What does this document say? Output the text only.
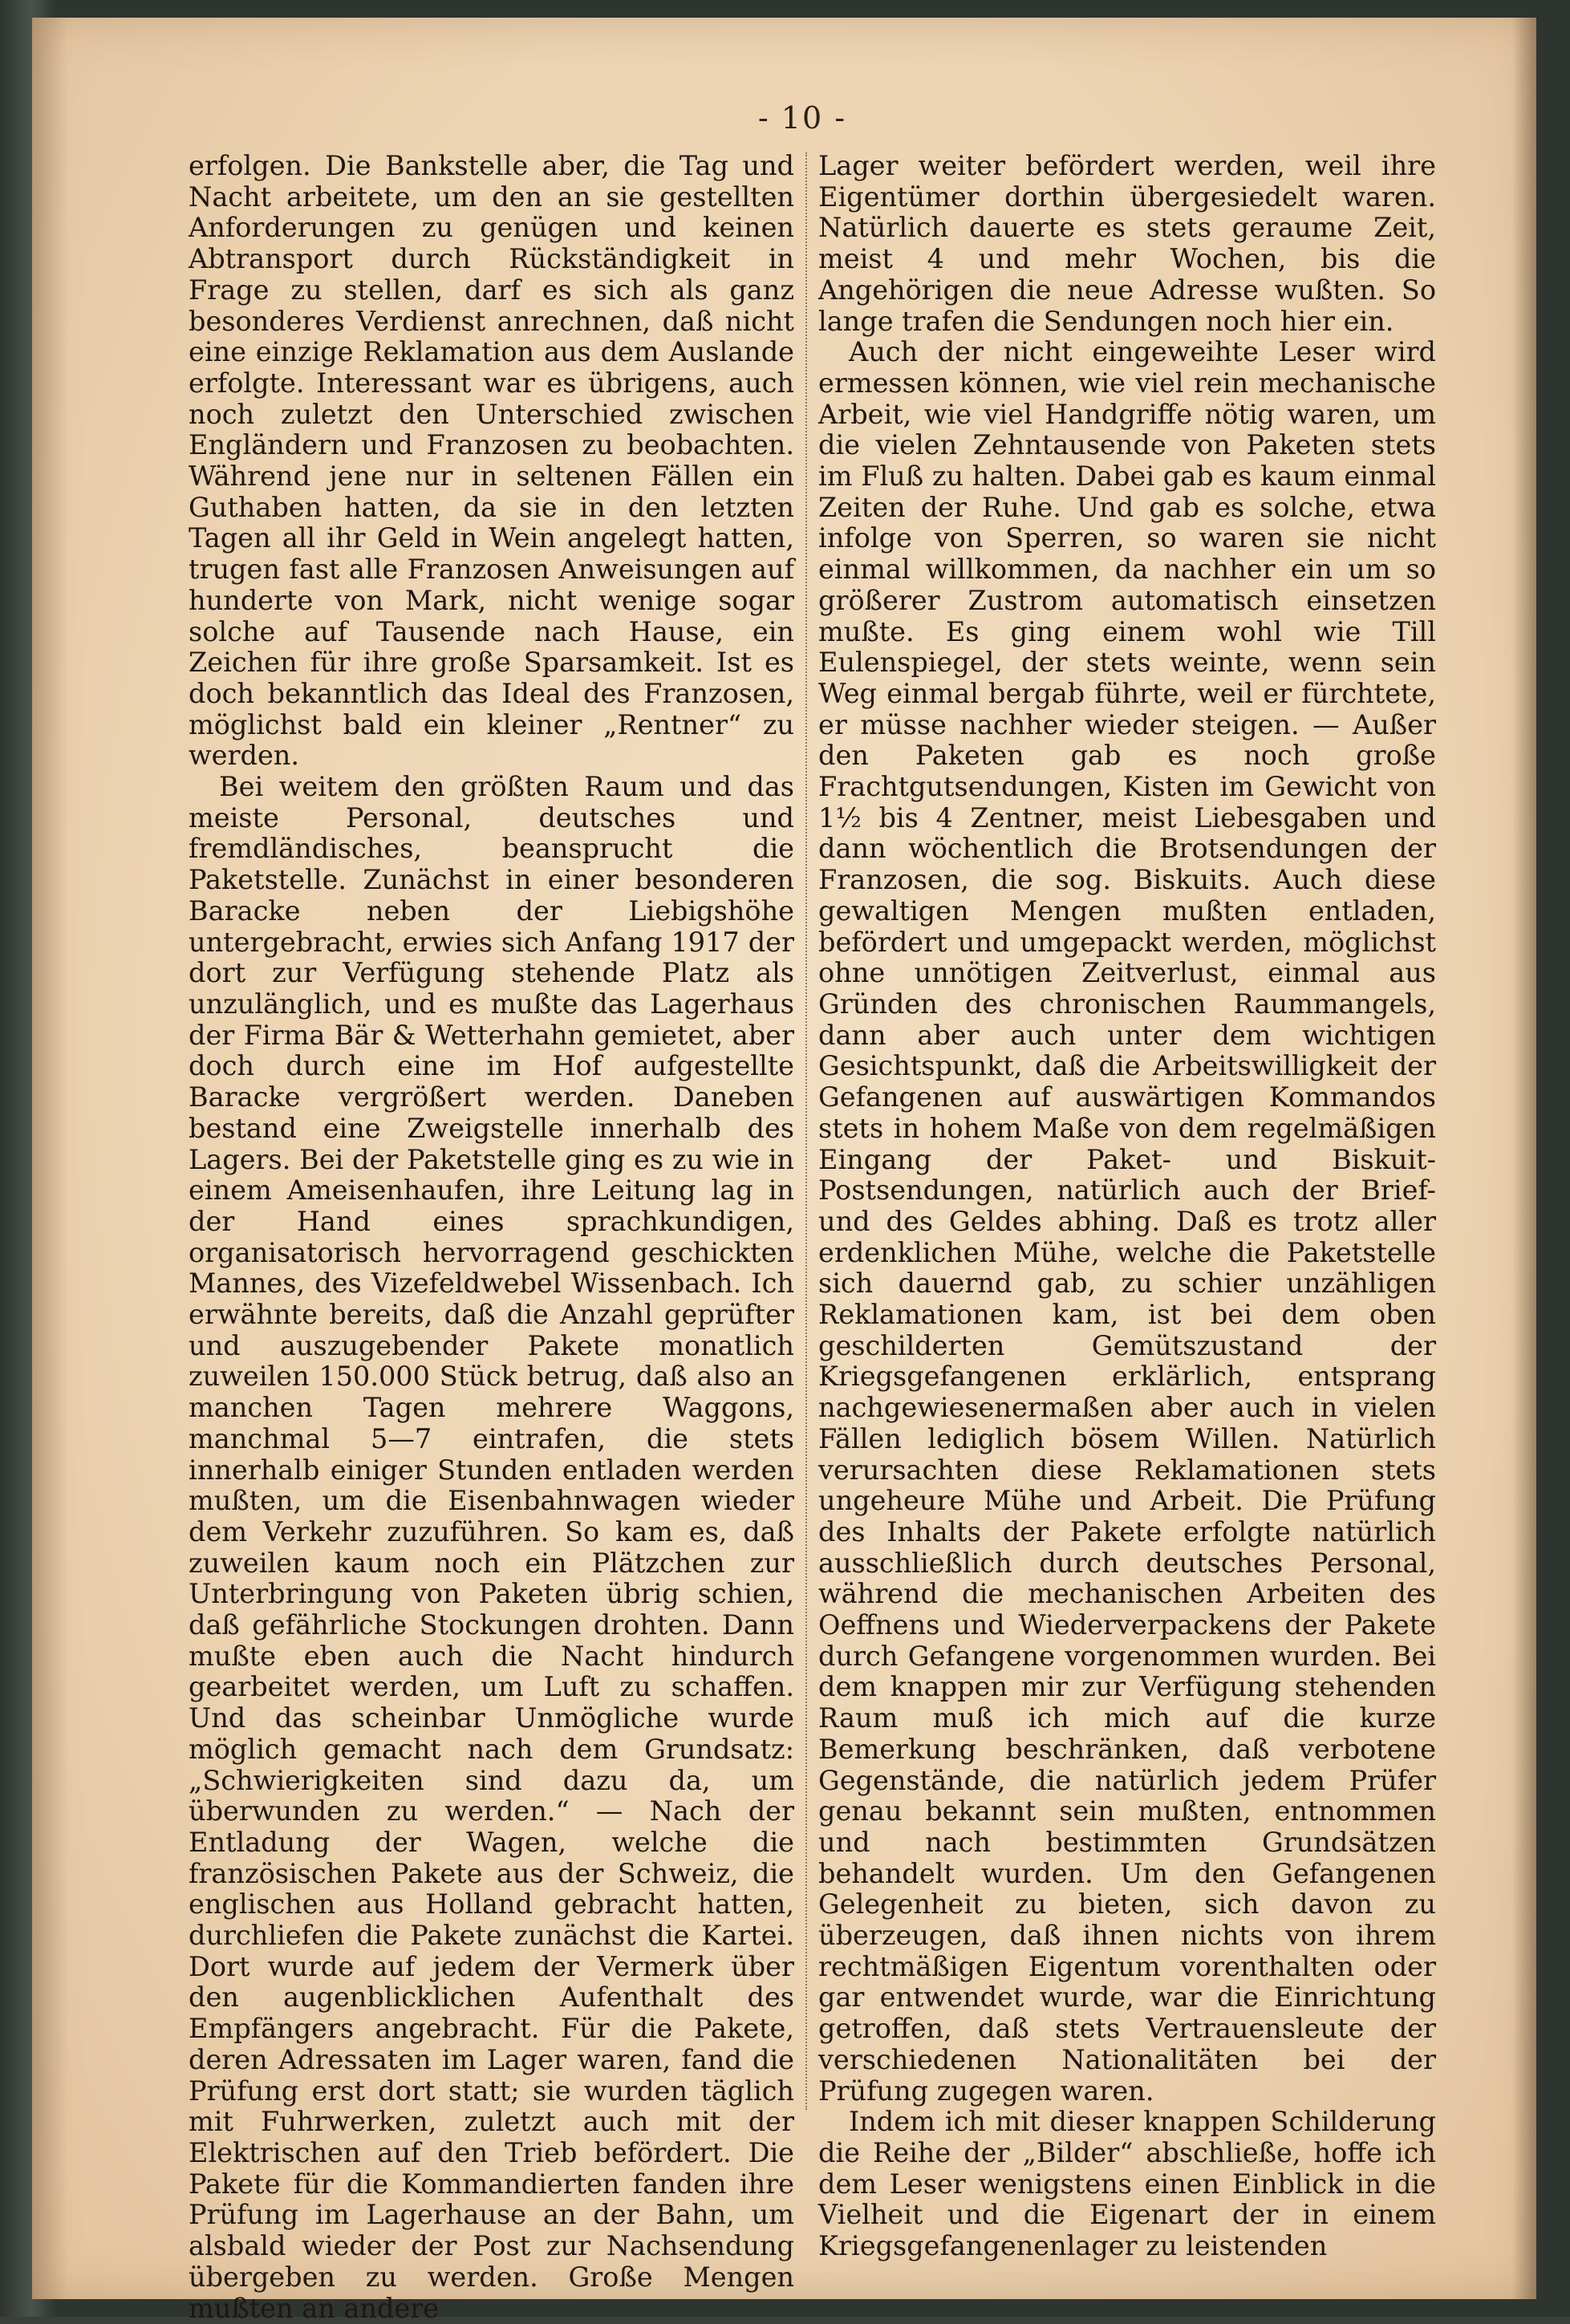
- 10 -

erfolgen. Die Bankstelle aber, die Tag und Nacht arbeitete, um den an sie gestellten Anforderungen zu genügen und keinen Abtransport durch Rückständigkeit in Frage zu stellen, darf es sich als ganz besonderes Verdienst anrechnen, daß nicht eine einzige Reklamation aus dem Auslande erfolgte. Interessant war es übrigens, auch noch zuletzt den Unterschied zwischen Engländern und Franzosen zu beobachten. Während jene nur in seltenen Fällen ein Guthaben hatten, da sie in den letzten Tagen all ihr Geld in Wein angelegt hatten, trugen fast alle Franzosen Anweisungen auf hunderte von Mark, nicht wenige sogar solche auf Tausende nach Hause, ein Zeichen für ihre große Sparsamkeit. Ist es doch bekanntlich das Ideal des Franzosen, möglichst bald ein kleiner „Rentner“ zu werden.

Bei weitem den größten Raum und das meiste Personal, deutsches und fremdländisches, beansprucht die Paketstelle. Zunächst in einer besonderen Baracke neben der Liebigshöhe untergebracht, erwies sich Anfang 1917 der dort zur Verfügung stehende Platz als unzulänglich, und es mußte das Lagerhaus der Firma Bär & Wetterhahn gemietet, aber doch durch eine im Hof aufgestellte Baracke vergrößert werden. Daneben bestand eine Zweigstelle innerhalb des Lagers. Bei der Paketstelle ging es zu wie in einem Ameisenhaufen, ihre Leitung lag in der Hand eines sprachkundigen, organisatorisch hervorragend geschickten Mannes, des Vizefeldwebel Wissenbach. Ich erwähnte bereits, daß die Anzahl geprüfter und auszugebender Pakete monatlich zuweilen 150.000 Stück betrug, daß also an manchen Tagen mehrere Waggons, manchmal 5—7 eintrafen, die stets innerhalb einiger Stunden entladen werden mußten, um die Eisenbahnwagen wieder dem Verkehr zuzuführen. So kam es, daß zuweilen kaum noch ein Plätzchen zur Unterbringung von Paketen übrig schien, daß gefährliche Stockungen drohten. Dann mußte eben auch die Nacht hindurch gearbeitet werden, um Luft zu schaffen. Und das scheinbar Unmögliche wurde möglich gemacht nach dem Grundsatz: „Schwierigkeiten sind dazu da, um überwunden zu werden.“ — Nach der Entladung der Wagen, welche die französischen Pakete aus der Schweiz, die englischen aus Holland gebracht hatten, durchliefen die Pakete zunächst die Kartei. Dort wurde auf jedem der Vermerk über den augenblicklichen Aufenthalt des Empfängers angebracht. Für die Pakete, deren Adressaten im Lager waren, fand die Prüfung erst dort statt; sie wurden täglich mit Fuhrwerken, zuletzt auch mit der Elektrischen auf den Trieb befördert. Die Pakete für die Kommandierten fanden ihre Prüfung im Lagerhause an der Bahn, um alsbald wieder der Post zur Nachsendung übergeben zu werden. Große Mengen mußten an andere

Lager weiter befördert werden, weil ihre Eigentümer dorthin übergesiedelt waren. Natürlich dauerte es stets geraume Zeit, meist 4 und mehr Wochen, bis die Angehörigen die neue Adresse wußten. So lange trafen die Sendungen noch hier ein.

Auch der nicht eingeweihte Leser wird ermessen können, wie viel rein mechanische Arbeit, wie viel Handgriffe nötig waren, um die vielen Zehntausende von Paketen stets im Fluß zu halten. Dabei gab es kaum einmal Zeiten der Ruhe. Und gab es solche, etwa infolge von Sperren, so waren sie nicht einmal willkommen, da nachher ein um so größerer Zustrom automatisch einsetzen mußte. Es ging einem wohl wie Till Eulenspiegel, der stets weinte, wenn sein Weg einmal bergab führte, weil er fürchtete, er müsse nachher wieder steigen. — Außer den Paketen gab es noch große Frachtgutsendungen, Kisten im Gewicht von 1½ bis 4 Zentner, meist Liebesgaben und dann wöchentlich die Brotsendungen der Franzosen, die sog. Biskuits. Auch diese gewaltigen Mengen mußten entladen, befördert und umgepackt werden, möglichst ohne unnötigen Zeitverlust, einmal aus Gründen des chronischen Raummangels, dann aber auch unter dem wichtigen Gesichtspunkt, daß die Arbeitswilligkeit der Gefangenen auf auswärtigen Kommandos stets in hohem Maße von dem regelmäßigen Eingang der Paket- und Biskuit-Postsendungen, natürlich auch der Brief- und des Geldes abhing. Daß es trotz aller erdenklichen Mühe, welche die Paketstelle sich dauernd gab, zu schier unzähligen Reklamationen kam, ist bei dem oben geschilderten Gemütszustand der Kriegsgefangenen erklärlich, entsprang nachgewiesenermaßen aber auch in vielen Fällen lediglich bösem Willen. Natürlich verursachten diese Reklamationen stets ungeheure Mühe und Arbeit. Die Prüfung des Inhalts der Pakete erfolgte natürlich ausschließlich durch deutsches Personal, während die mechanischen Arbeiten des Oeffnens und Wiederverpackens der Pakete durch Gefangene vorgenommen wurden. Bei dem knappen mir zur Verfügung stehenden Raum muß ich mich auf die kurze Bemerkung beschränken, daß verbotene Gegenstände, die natürlich jedem Prüfer genau bekannt sein mußten, entnommen und nach bestimmten Grundsätzen behandelt wurden. Um den Gefangenen Gelegenheit zu bieten, sich davon zu überzeugen, daß ihnen nichts von ihrem rechtmäßigen Eigentum vorenthalten oder gar entwendet wurde, war die Einrichtung getroffen, daß stets Vertrauensleute der verschiedenen Nationalitäten bei der Prüfung zugegen waren.

Indem ich mit dieser knappen Schilderung die Reihe der „Bilder“ abschließe, hoffe ich dem Leser wenigstens einen Einblick in die Vielheit und die Eigenart der in einem Kriegsgefangenenlager zu leistenden
